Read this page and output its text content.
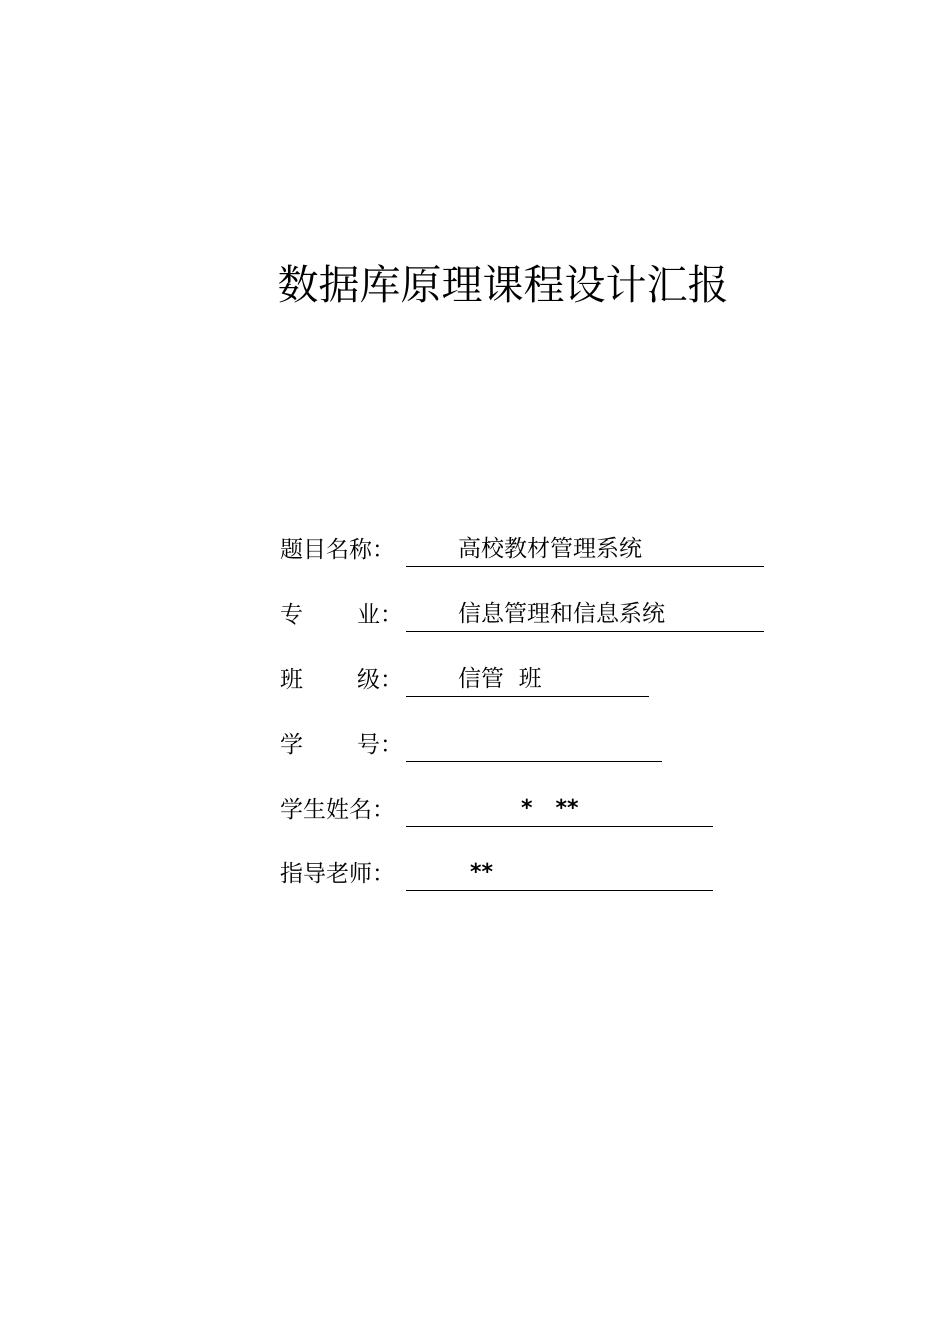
数据库原理课程设计汇报
题目名称：	高校教材管理系统
专 业： 信息管理和信息系统
班 级： 信管  班
学 号：
学生姓名：	*   **
指导老师：	**
